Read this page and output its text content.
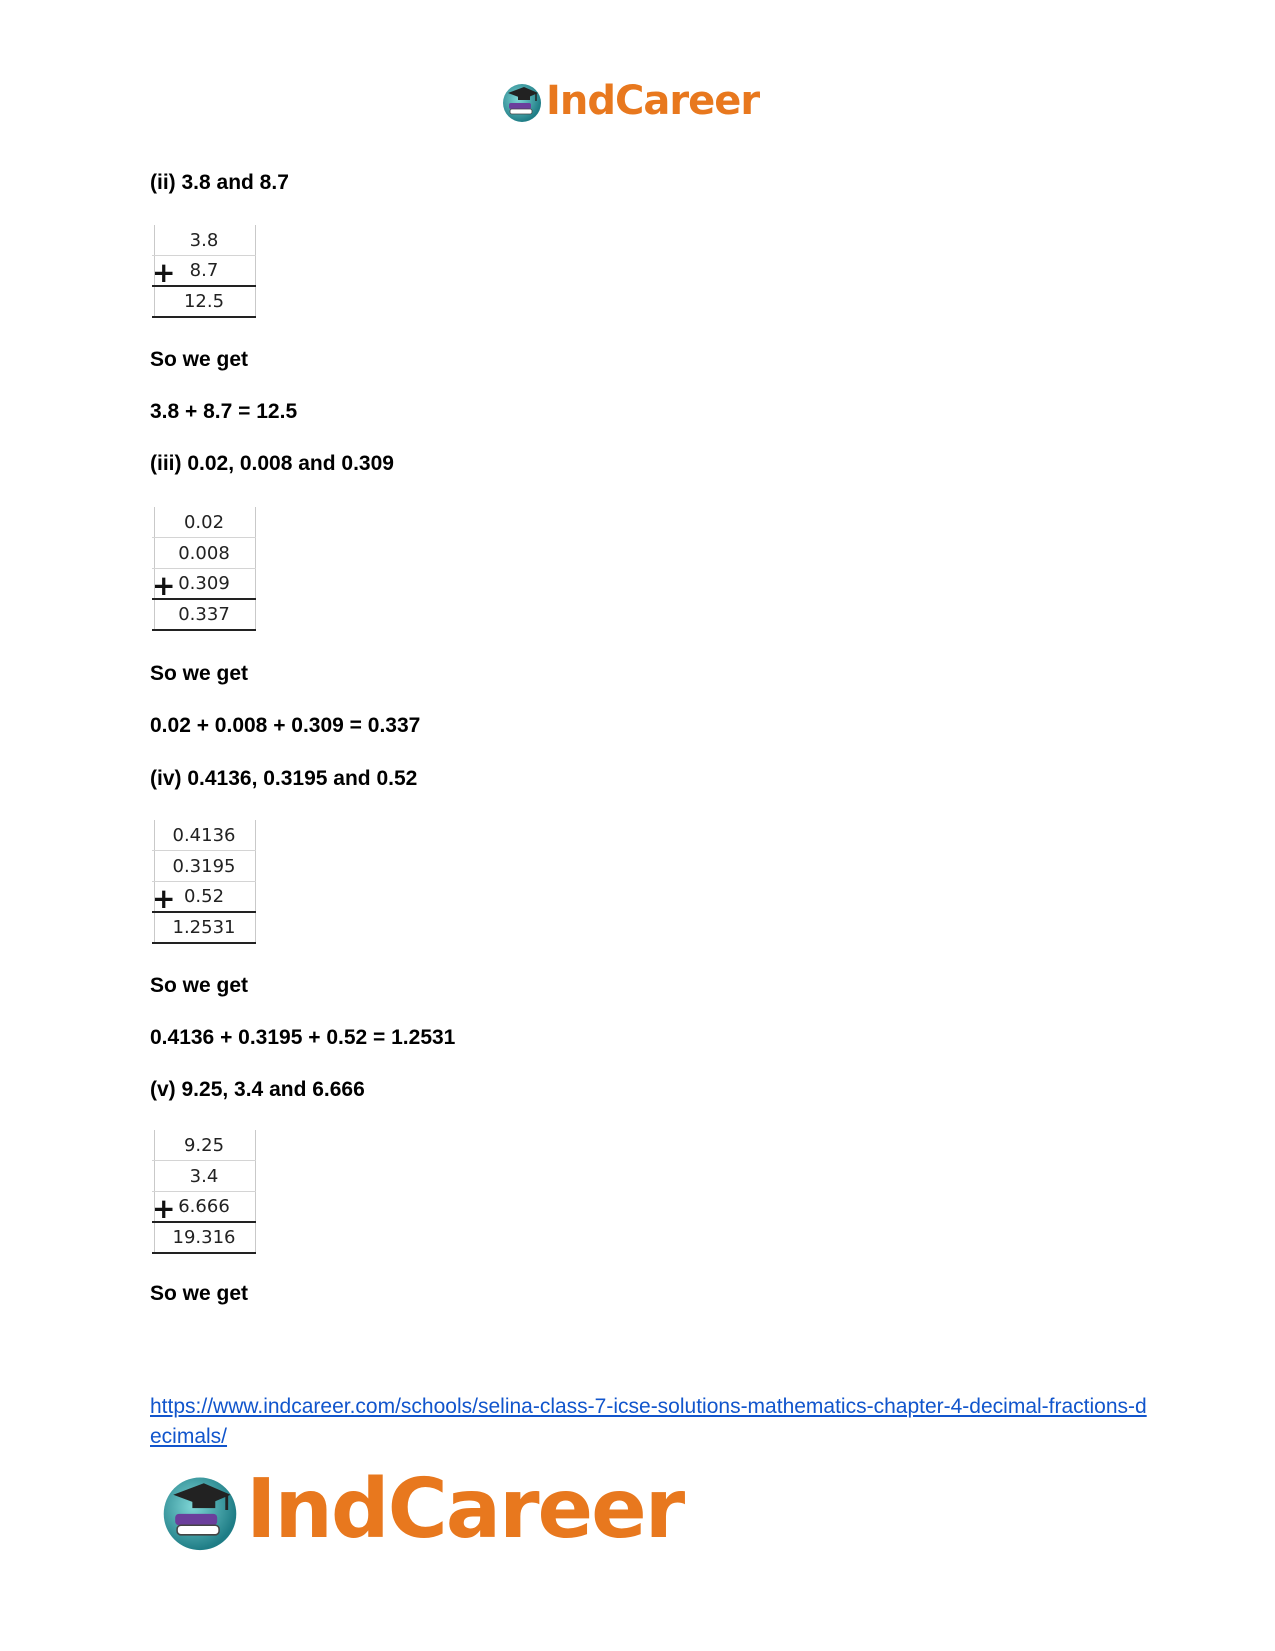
IndCareer
(ii) 3.8 and 8.7
3.8
+ 8.7
12.5
So we get
3.8 + 8.7 = 12.5
(iii) 0.02, 0.008 and 0.309
0.02
0.008
+ 0.309
0.337
So we get
0.02 + 0.008 + 0.309 = 0.337
(iv) 0.4136, 0.3195 and 0.52
0.4136
0.3195
+ 0.52
1.2531
So we get
0.4136 + 0.3195 + 0.52 = 1.2531
(v) 9.25, 3.4 and 6.666
9.25
3.4
+ 6.666
19.316
So we get
https://www.indcareer.com/schools/selina-class-7-icse-solutions-mathematics-chapter-4-decimal-fractions-decimals/
IndCareer
